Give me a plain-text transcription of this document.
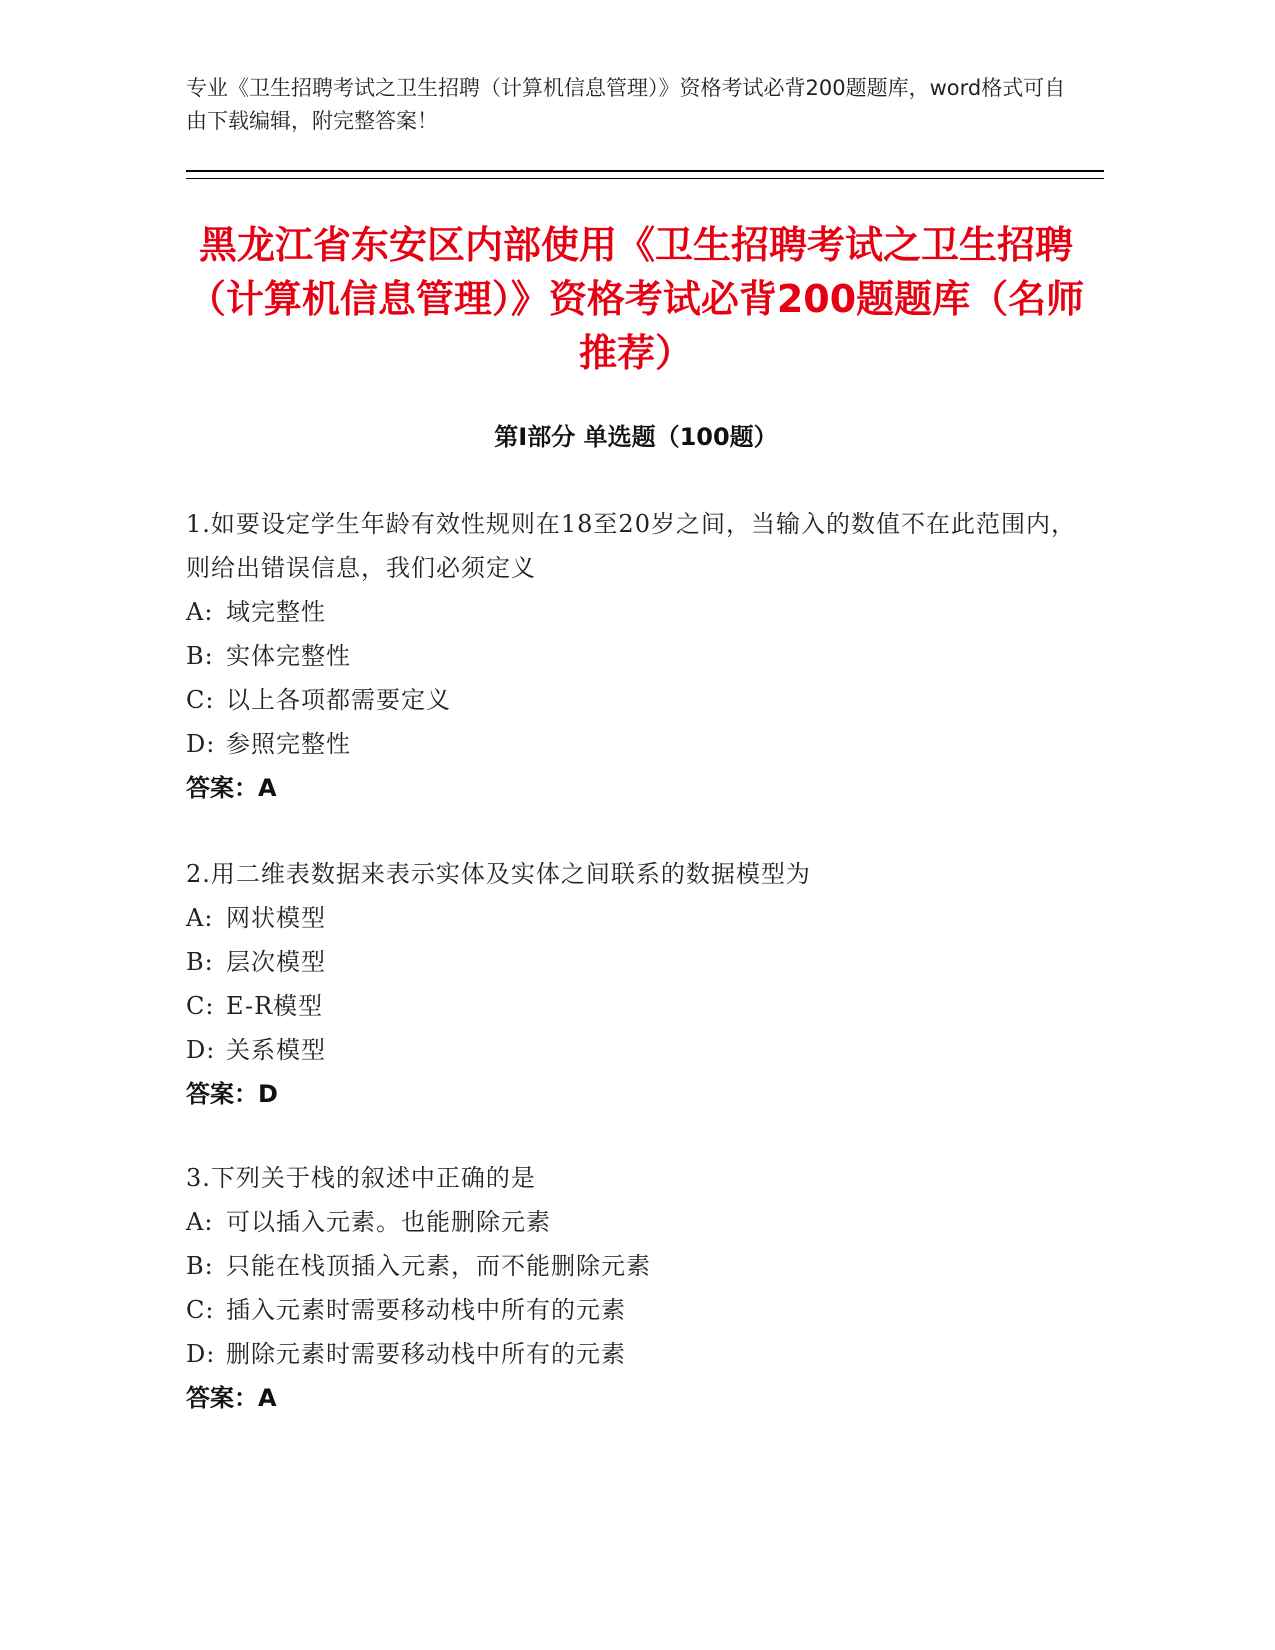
专业《卫生招聘考试之卫生招聘（计算机信息管理）》资格考试必背200题题库，word格式可自由下载编辑，附完整答案！
黑龙江省东安区内部使用《卫生招聘考试之卫生招聘（计算机信息管理）》资格考试必背200题题库（名师推荐）
第I部分 单选题（100题）
1.如要设定学生年龄有效性规则在18至20岁之间，当输入的数值不在此范围内，则给出错误信息，我们必须定义
A: 域完整性
B: 实体完整性
C: 以上各项都需要定义
D: 参照完整性
答案：A
2.用二维表数据来表示实体及实体之间联系的数据模型为
A: 网状模型
B: 层次模型
C: E-R模型
D: 关系模型
答案：D
3.下列关于栈的叙述中正确的是
A: 可以插入元素。也能删除元素
B: 只能在栈顶插入元素，而不能删除元素
C: 插入元素时需要移动栈中所有的元素
D: 删除元素时需要移动栈中所有的元素
答案：A
